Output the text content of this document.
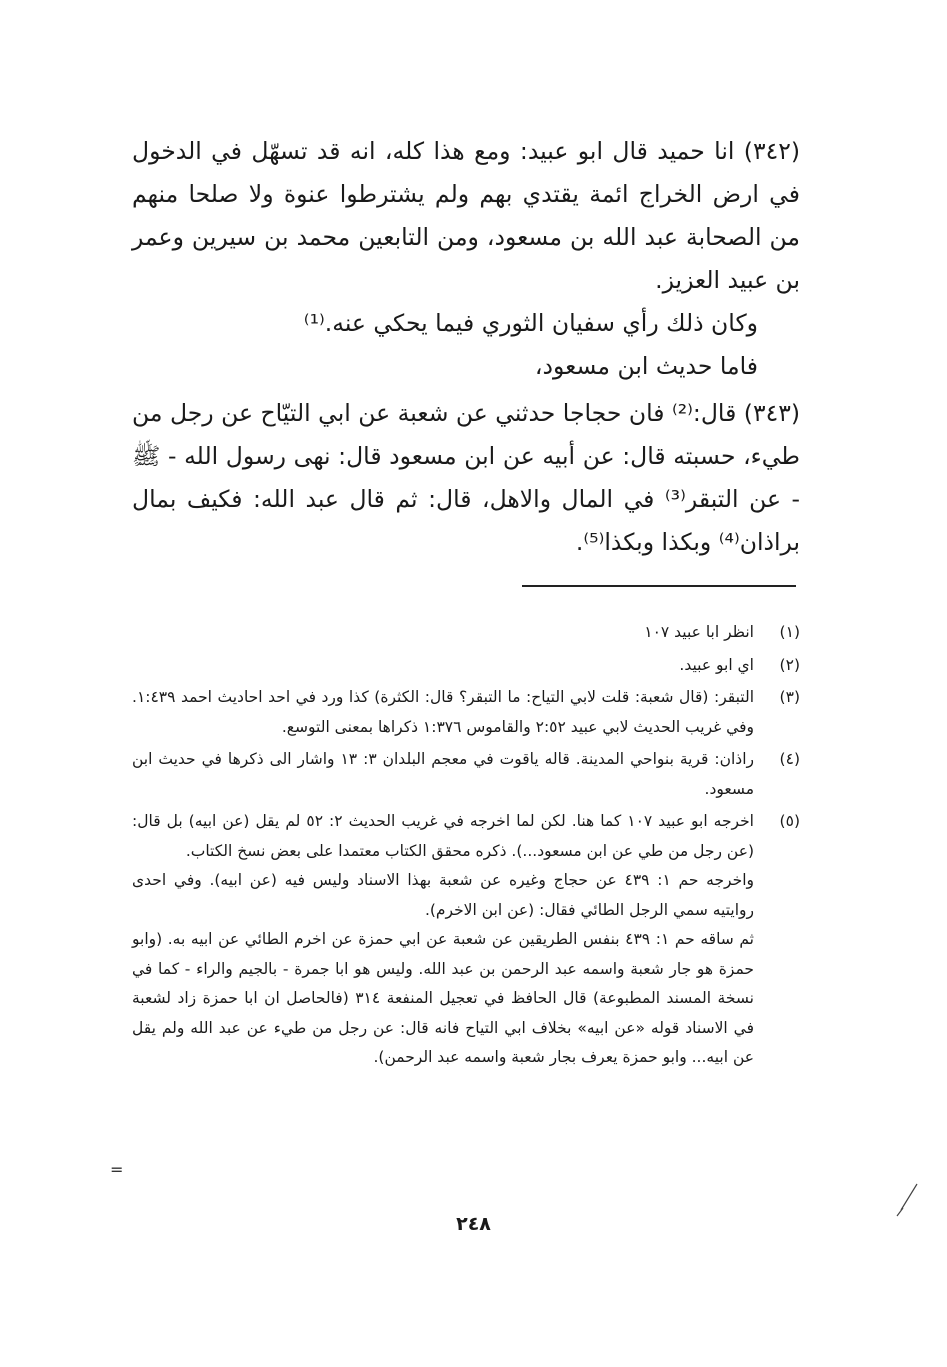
(٣٤٢) انا حميد قال ابو عبيد: ومع هذا كله، انه قد تسهّل في الدخول في ارض الخراج ائمة يقتدي بهم ولم يشترطوا عنوة ولا صلحا منهم من الصحابة عبد الله بن مسعود، ومن التابعين محمد بن سيرين وعمر بن عبيد العزيز.

وكان ذلك رأي سفيان الثوري فيما يحكي عنه.⁽¹⁾

فاما حديث ابن مسعود،

(٣٤٣) قال:⁽²⁾ فان حجاجا حدثني عن شعبة عن ابي التيّاح عن رجل من طيء، حسبته قال: عن أبيه عن ابن مسعود قال: نهى رسول الله - ﷺ - عن التبقر⁽³⁾ في المال والاهل، قال: ثم قال عبد الله: فكيف بمال براذان⁽⁴⁾ وبكذا وبكذا⁽⁵⁾.

(١)

انظر ابا عبيد ١٠٧

(٢)

اي ابو عبيد.

(٣)

التبقر: (قال شعبة: قلت لابي التياح: ما التبقر؟ قال: الكثرة) كذا ورد في احد احاديث احمد ١:٤٣٩. وفي غريب الحديث لابي عبيد ٢:٥٢ والقاموس ١:٣٧٦ ذكراها بمعنى التوسع.

(٤)

راذان: قرية بنواحي المدينة. قاله ياقوت في معجم البلدان ٣: ١٣ واشار الى ذكرها في حديث ابن مسعود.

(٥)

اخرجه ابو عبيد ١٠٧ كما هنا. لكن لما اخرجه في غريب الحديث ٢: ٥٢ لم يقل (عن ابيه) بل قال: (عن رجل من طي عن ابن مسعود...). ذكره محقق الكتاب معتمدا على بعض نسخ الكتاب.

واخرجه حم ١: ٤٣٩ عن حجاج وغيره عن شعبة بهذا الاسناد وليس فيه (عن ابيه). وفي احدى روايتيه سمي الرجل الطائي فقال: (عن ابن الاخرم).

ثم ساقه حم ١: ٤٣٩ بنفس الطريقين عن شعبة عن ابي حمزة عن اخرم الطائي عن ابيه به. (وابو حمزة هو جار شعبة واسمه عبد الرحمن بن عبد الله. وليس هو ابا جمرة - بالجيم والراء - كما في نسخة المسند المطبوعة) قال الحافظ في تعجيل المنفعة ٣١٤ (فالحاصل ان ابا حمزة زاد لشعبة في الاسناد قوله «عن ابيه» بخلاف ابي التياح فانه قال: عن رجل من طيء عن عبد الله ولم يقل عن ابيه... وابو حمزة يعرف بجار شعبة واسمه عبد الرحمن).

=
٢٤٨
